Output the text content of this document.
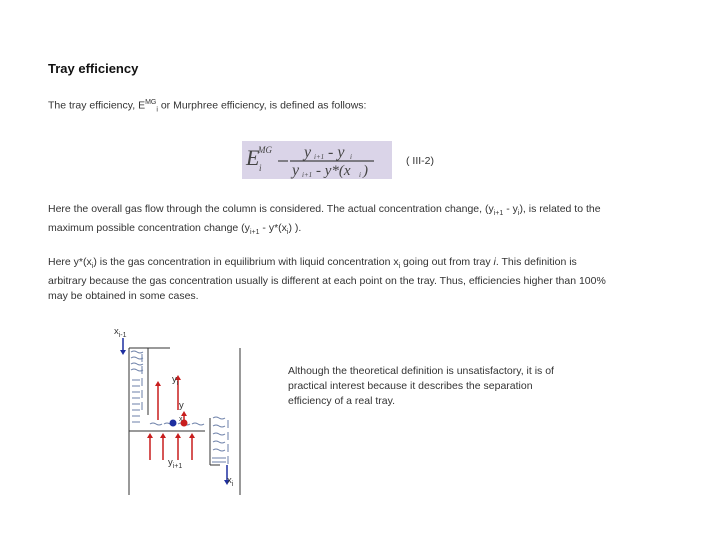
Tray efficiency
The tray efficiency, $E^{MG}_i$ or Murphree efficiency, is defined as follows:
E
MG
i
y i+1 - y i
y i+1 - y*(x i )
( III-2)
Here the overall gas flow through the column is considered. The actual concentration change, $(y_{i+1} - y_i)$, is related to the maximum possible concentration change ($y_{i+1} - y*(x_i)$ ).
Here $y*(x_i)$ is the gas concentration in equilibrium with liquid concentration $x_i$ going out from tray i. This definition is arbitrary because the gas concentration usually is different at each point on the tray. Thus, efficiencies higher than 100% may be obtained in some cases.
Although the theoretical definition is unsatisfactory, it is of practical interest because it describes the separation efficiency of a real tray.
$x_{i-1}$
$y_i$
y
x
$y_{i+1}$
$x_i$
